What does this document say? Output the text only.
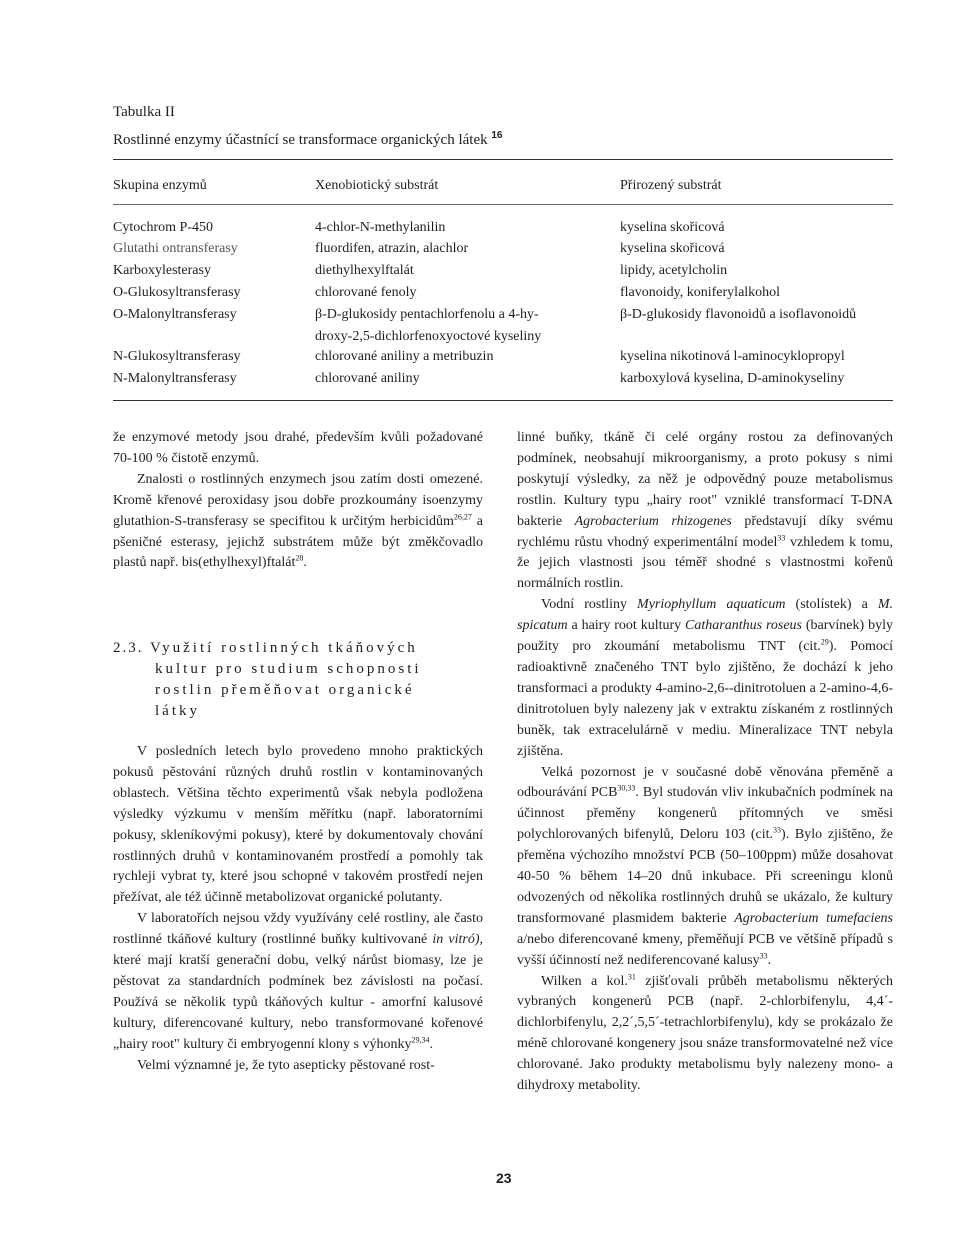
Tabulka II
Rostlinné enzymy účastnící se transformace organických látek $^{16}$
Skupina enzymů	Xenobiotický substrát	Přirozený substrát
Cytochrom P-450	4-chlor-N-methylanilin	kyselina skořicová
Glutathi ontransferasy	fluordifen, atrazin, alachlor	kyselina skořicová
Karboxylesterasy	diethylhexylftalát	lipidy, acetylcholin
O-Glukosyltransferasy	chlorované fenoly	flavonoidy, koniferylalkohol
O-Malonyltransferasy	β-D-glukosidy pentachlorfenolu a 4-hy-	β-D-glukosidy flavonoidů a isoflavonoidů
droxy-2,5-dichlorfenoxyoctové kyseliny
N-Glukosyltransferasy	chlorované aniliny a metribuzin	kyselina nikotinová l-aminocyklopropyl
N-Malonyltransferasy	chlorované aniliny	karboxylová kyselina, D-aminokyseliny

že enzymové metody jsou drahé, především kvůli požadované 70-100 % čistotě enzymů.

Znalosti o rostlinných enzymech jsou zatím dosti omezené. Kromě křenové peroxidasy jsou dobře prozkoumány isoenzymy glutathion-S-transferasy se specifitou k určitým herbicidům$^{26,27}$ a pšeničné esterasy, jejichž substrátem může být změkčovadlo plastů např. bis(ethylhexyl)ftalát$^{28}$.

2.3. Využití rostlinných tkáňových
kultur pro studium schopnosti
rostlin přeměňovat organické
látky

V posledních letech bylo provedeno mnoho praktických pokusů pěstování různých druhů rostlin v kontaminovaných oblastech. Většina těchto experimentů však nebyla podložena výsledky výzkumu v menším měřítku (např. laboratorními pokusy, skleníkovými pokusy), které by dokumentovaly chování rostlinných druhů v kontaminovaném prostředí a pomohly tak rychleji vybrat ty, které jsou schopné v takovém prostředí nejen přežívat, ale též účinně metabolizovat organické polutanty.

V laboratořích nejsou vždy využívány celé rostliny, ale často rostlinné tkáňové kultury (rostlinné buňky kultivované in vitró), které mají kratší generační dobu, velký nárůst biomasy, lze je pěstovat za standardních podmínek bez závislosti na počasí. Používá se několik typů tkáňových kultur - amorfní kalusové kultury, diferencované kultury, nebo transformované kořenové „hairy root" kultury či embryogenní klony s výhonky$^{29,34}$.

Velmi významné je, že tyto asepticky pěstované rost-

linné buňky, tkáně či celé orgány rostou za definovaných podmínek, neobsahují mikroorganismy, a proto pokusy s nimi poskytují výsledky, za něž je odpovědný pouze metabolismus rostlin. Kultury typu „hairy root" vzniklé transformací T-DNA bakterie Agrobacterium rhizogenes představují díky svému rychlému růstu vhodný experimentální model$^{33}$ vzhledem k tomu, že jejich vlastnosti jsou téměř shodné s vlastnostmi kořenů normálních rostlin.

Vodní rostliny Myriophyllum aquaticum (stolístek) a M. spicatum a hairy root kultury Catharanthus roseus (barvínek) byly použity pro zkoumání metabolismu TNT (cit.$^{29}$). Pomocí radioaktivně značeného TNT bylo zjištěno, že dochází k jeho transformaci a produkty 4-amino-2,6--dinitrotoluen a 2-amino-4,6-dinitrotoluen byly nalezeny jak v extraktu získaném z rostlinných buněk, tak extracelulárně v mediu. Mineralizace TNT nebyla zjištěna.

Velká pozornost je v současné době věnována přeměně a odbourávání PCB$^{30,33}$. Byl studován vliv inkubačních podmínek na účinnost přeměny kongenerů přítomných ve směsi polychlorovaných bifenylů, Deloru 103 (cit.$^{33}$). Bylo zjištěno, že přeměna výchozího množství PCB (50–100ppm) může dosahovat 40-50 % během 14–20 dnů inkubace. Při screeningu klonů odvozených od několika rostlinných druhů se ukázalo, že kultury transformované plasmidem bakterie Agrobacterium tumefaciens a/nebo diferencované kmeny, přeměňují PCB ve většině případů s vyšší účinností než nediferencované kalusy$^{33}$.

Wilken a kol.$^{31}$ zjišťovali průběh metabolismu některých vybraných kongenerů PCB (např. 2-chlorbifenylu, 4,4´-dichlorbifenylu, 2,2´,5,5´-tetrachlorbifenylu), kdy se prokázalo že méně chlorované kongenery jsou snáze transformovatelné než více chlorované. Jako produkty metabolismu byly nalezeny mono- a dihydroxy metabolity.

23
